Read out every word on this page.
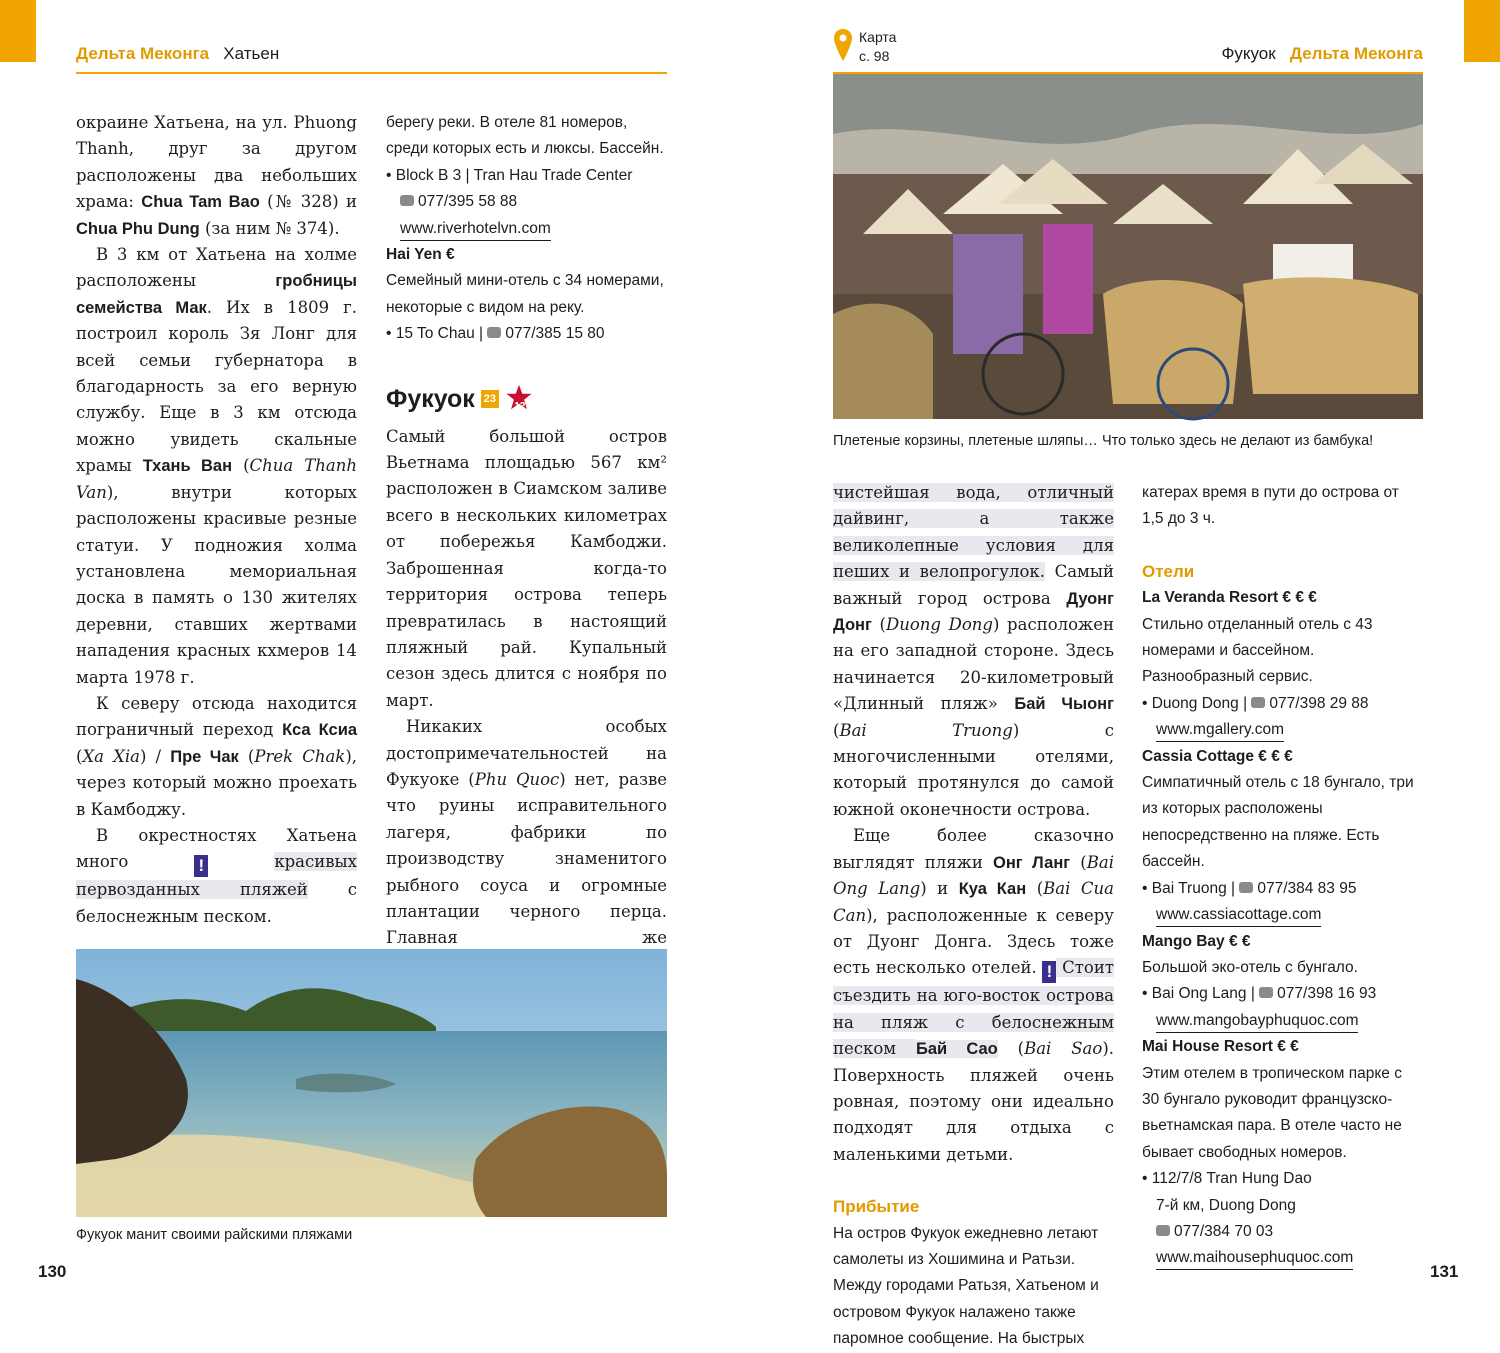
Дельта Меконга Хатьен

окраине Хатьена, на ул. Phuong Thanh, друг за другом расположены два небольших храма: Chua Tam Bao (№ 328) и Chua Phu Dung (за ним № 374).

В 3 км от Хатьена на холме расположены гробницы семейства Мак. Их в 1809 г. построил король Зя Лонг для всей семьи губернатора в благодарность за его верную службу. Еще в 3 км отсюда можно увидеть скальные храмы Тхань Ван (Chua Thanh Van), внутри которых расположены красивые резные статуи. У подножия холма установлена мемориальная доска в память о 130 жителях деревни, ставших жертвами нападения красных кхмеров 14 марта 1978 г.

К северу отсюда находится пограничный переход Кса Ксиа (Xa Xia) / Пре Чак (Prek Chak), через который можно проехать в Камбоджу.

В окрестностях Хатьена много !	красивых первозданных пляжей с белоснежным песком.

берегу реки. В отеле 81 номеров, среди которых есть и люксы. Бассейн.

• Block B 3 | Tran Hau Trade Center
077/395 58 88
www.riverhotelvn.com
Hai Yen €

Семейный мини-отель с 34 номерами, некоторые с видом на реку.

• 15 To Chau | 077/385 15 80
Фукуок 23
12

Самый большой остров Вьетнама площадью 567 км² расположен в Сиамском заливе всего в нескольких километрах от побережья Камбоджи. Заброшенная когда-то территория острова теперь превратилась в настоящий пляжный рай. Купальный сезон здесь длится с ноября по март.

Никаких особых достопримечательностей на Фукуоке (Phu Quoc) нет, разве что руины исправительного лагеря, фабрики по производству знаменитого рыбного соуса и огромные плантации черного перца. Главная же

Фукуок манит своими райскими пляжами
130
Карта
с. 98	Фукуок Дельта Меконга
Плетеные корзины, плетеные шляпы… Что только здесь не делают из бамбука!

чистейшая вода, отличный дайвинг, а также великолепные условия для пеших и велопрогулок. Самый важный город острова Дуонг Донг (Duong Dong) расположен на его западной стороне. Здесь начинается 20-километровый «Длинный пляж» Бай Чыонг (Bai Truong) с многочисленными отелями, который протянулся до самой южной оконечности острова.

Еще более сказочно выглядят пляжи Онг Ланг (Bai Ong Lang) и Куа Кан (Bai Cua Can), расположенные к северу от Дуонг Донга. Здесь тоже есть несколько отелей. ! Стоит съездить на юго-восток острова на пляж с белоснежным песком Бай Сао (Bai Sao). Поверхность пляжей очень ровная, поэтому они идеально подходят для отдыха с маленькими детьми.

Прибытие

На остров Фукуок ежедневно летают самолеты из Хошимина и Ратьзи. Между городами Ратьзя, Хатьеном и островом Фукуок налажено также паромное сообщение. На быстрых

катерах время в пути до острова от 1,5 до 3 ч.

Отели
La Veranda Resort € € €

Стильно отделанный отель с 43 номерами и бассейном. Разнообразный сервис.

• Duong Dong | 077/398 29 88
www.mgallery.com
Cassia Cottage € € €

Симпатичный отель с 18 бунгало, три из которых расположены непосредственно на пляже. Есть бассейн.

• Bai Truong | 077/384 83 95
www.cassiacottage.com
Mango Bay € €

Большой эко-отель с бунгало.

• Bai Ong Lang | 077/398 16 93
www.mangobayphuquoc.com
Mai House Resort € €

Этим отелем в тропическом парке с 30 бунгало руководит французско-вьетнамская пара. В отеле часто не бывает свободных номеров.

• 112/7/8 Tran Hung Dao
7-й км, Duong Dong
077/384 70 03
www.maihousephuquoc.com
131
